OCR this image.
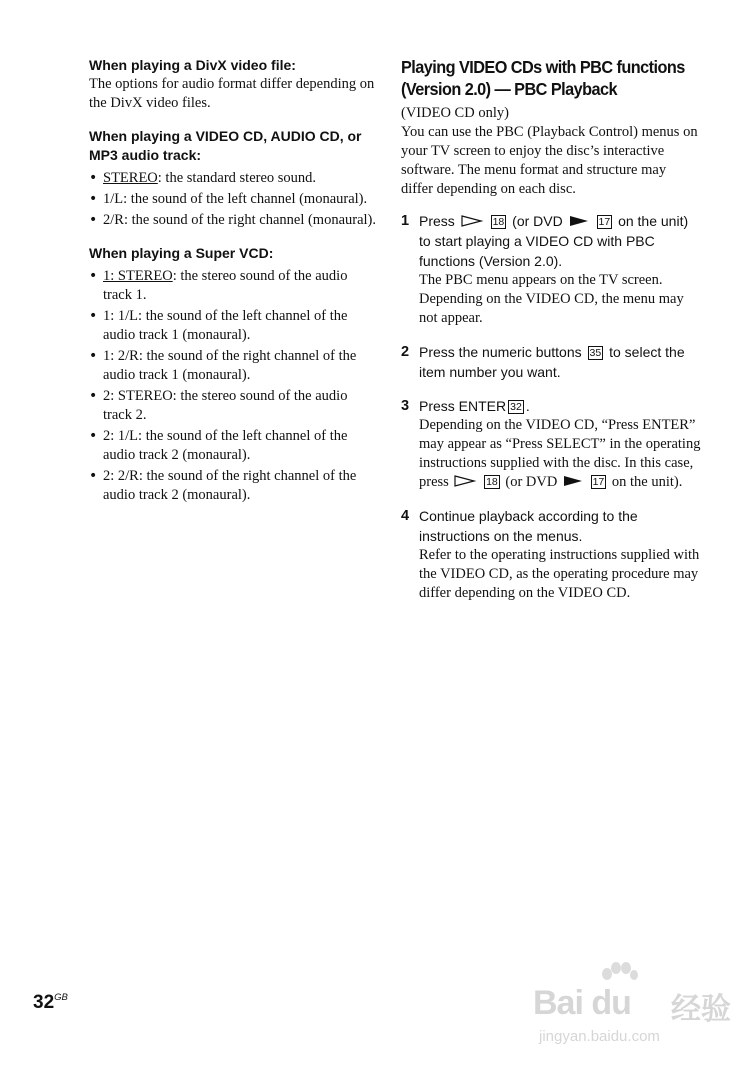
When playing a DivX video file:

The options for audio format differ depending on the DivX video files.

When playing a VIDEO CD, AUDIO CD, or MP3 audio track:

• STEREO: the standard stereo sound.
• 1/L: the sound of the left channel (monaural).
• 2/R: the sound of the right channel (monaural).

When playing a Super VCD:

• 1: STEREO: the stereo sound of the audio track 1.
• 1: 1/L: the sound of the left channel of the audio track 1 (monaural).
• 1: 2/R: the sound of the right channel of the audio track 1 (monaural).
• 2: STEREO: the stereo sound of the audio track 2.
• 2: 1/L: the sound of the left channel of the audio track 2 (monaural).
• 2: 2/R: the sound of the right channel of the audio track 2 (monaural).
Playing VIDEO CDs with PBC functions
(Version 2.0) — PBC Playback

(VIDEO CD only)

You can use the PBC (Playback Control) menus on your TV screen to enjoy the disc’s interactive software. The menu format and structure may differ depending on each disc.

1 Press	18 (or DVD	17 on the unit) to start playing a VIDEO CD with PBC functions (Version 2.0).

The PBC menu appears on the TV screen. Depending on the VIDEO CD, the menu may not appear.

2 Press the numeric buttons 35 to select the item number you want.

3 Press ENTER 32 .

Depending on the VIDEO CD, “Press ENTER” may appear as “Press SELECT” in the operating instructions supplied with the disc. In this case, press	18 (or DVD	17 on the unit).

4 Continue playback according to the instructions on the menus.

Refer to the operating instructions supplied with the VIDEO CD, as the operating procedure may differ depending on the VIDEO CD.

$32^{GB}$	Bai du 经验
jingyan.baidu.com
